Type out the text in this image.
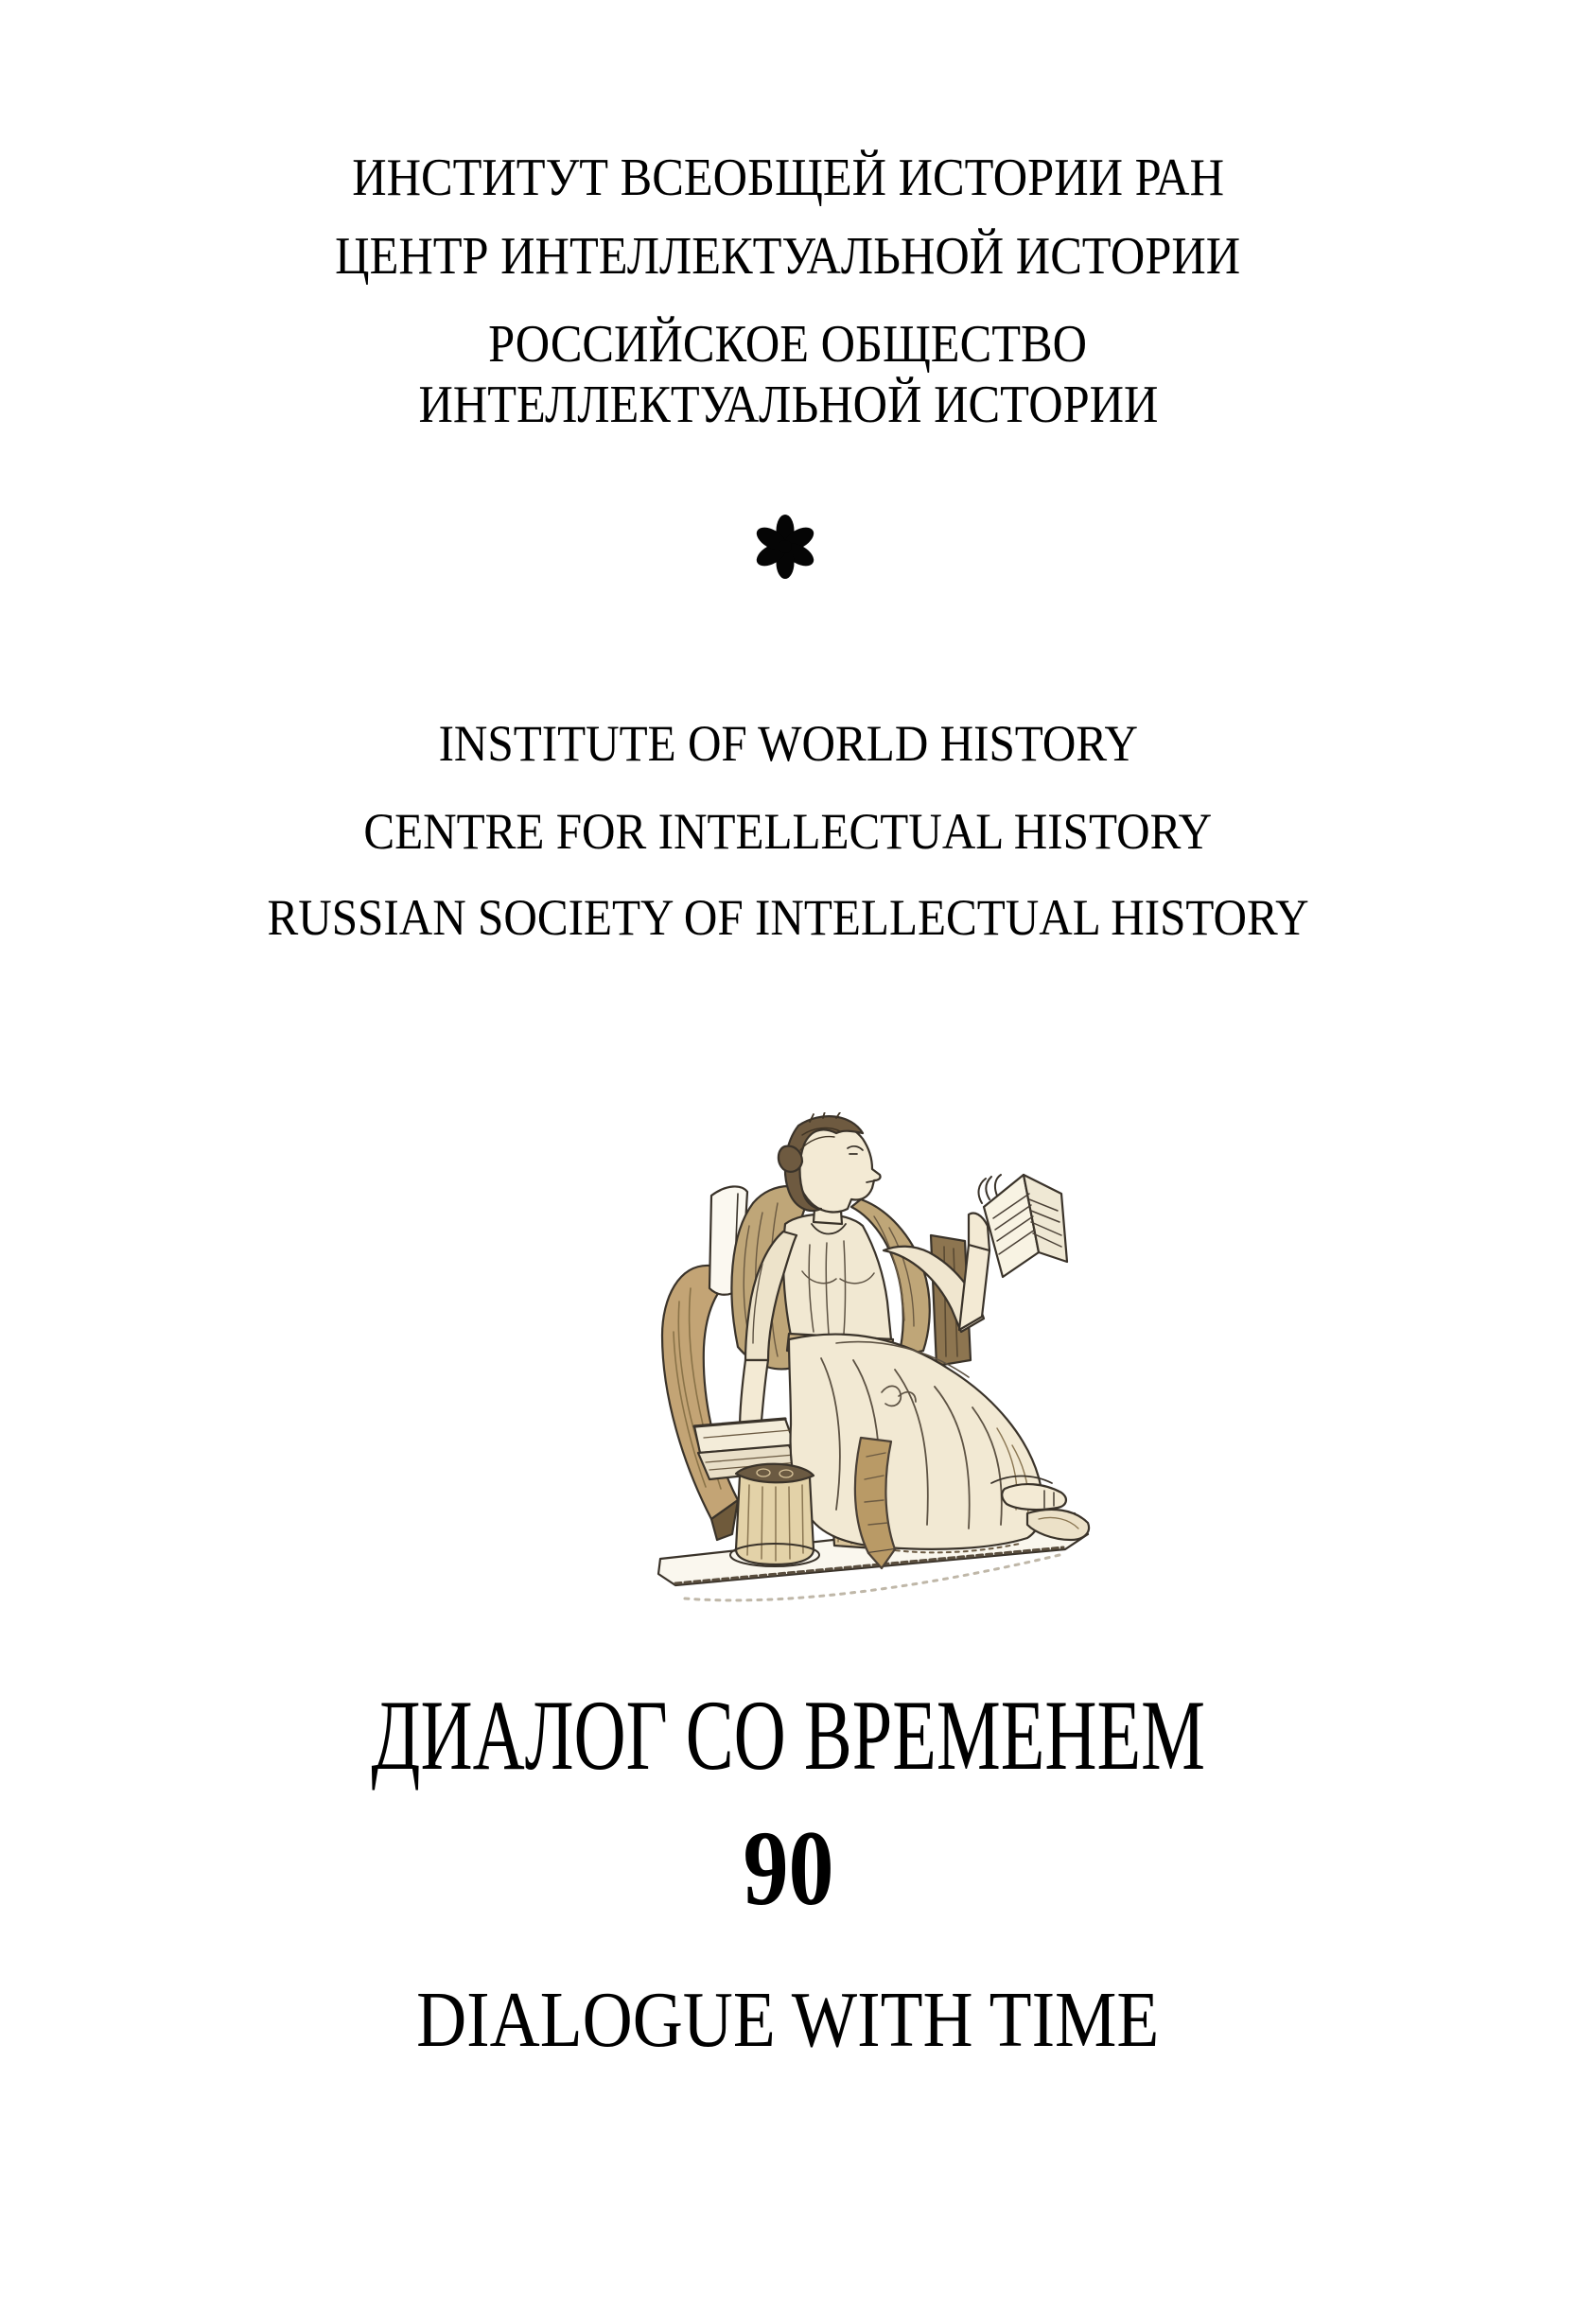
ИНСТИТУТ ВСЕОБЩЕЙ ИСТОРИИ РАН
ЦЕНТР ИНТЕЛЛЕКТУАЛЬНОЙ ИСТОРИИ
РОССИЙСКОЕ ОБЩЕСТВО
ИНТЕЛЛЕКТУАЛЬНОЙ ИСТОРИИ
INSTITUTE OF WORLD HISTORY
CENTRE FOR INTELLECTUAL HISTORY
RUSSIAN SOCIETY OF INTELLECTUAL HISTORY
ДИАЛОГ СО ВРЕМЕНЕМ
90
DIALOGUE WITH TIME
